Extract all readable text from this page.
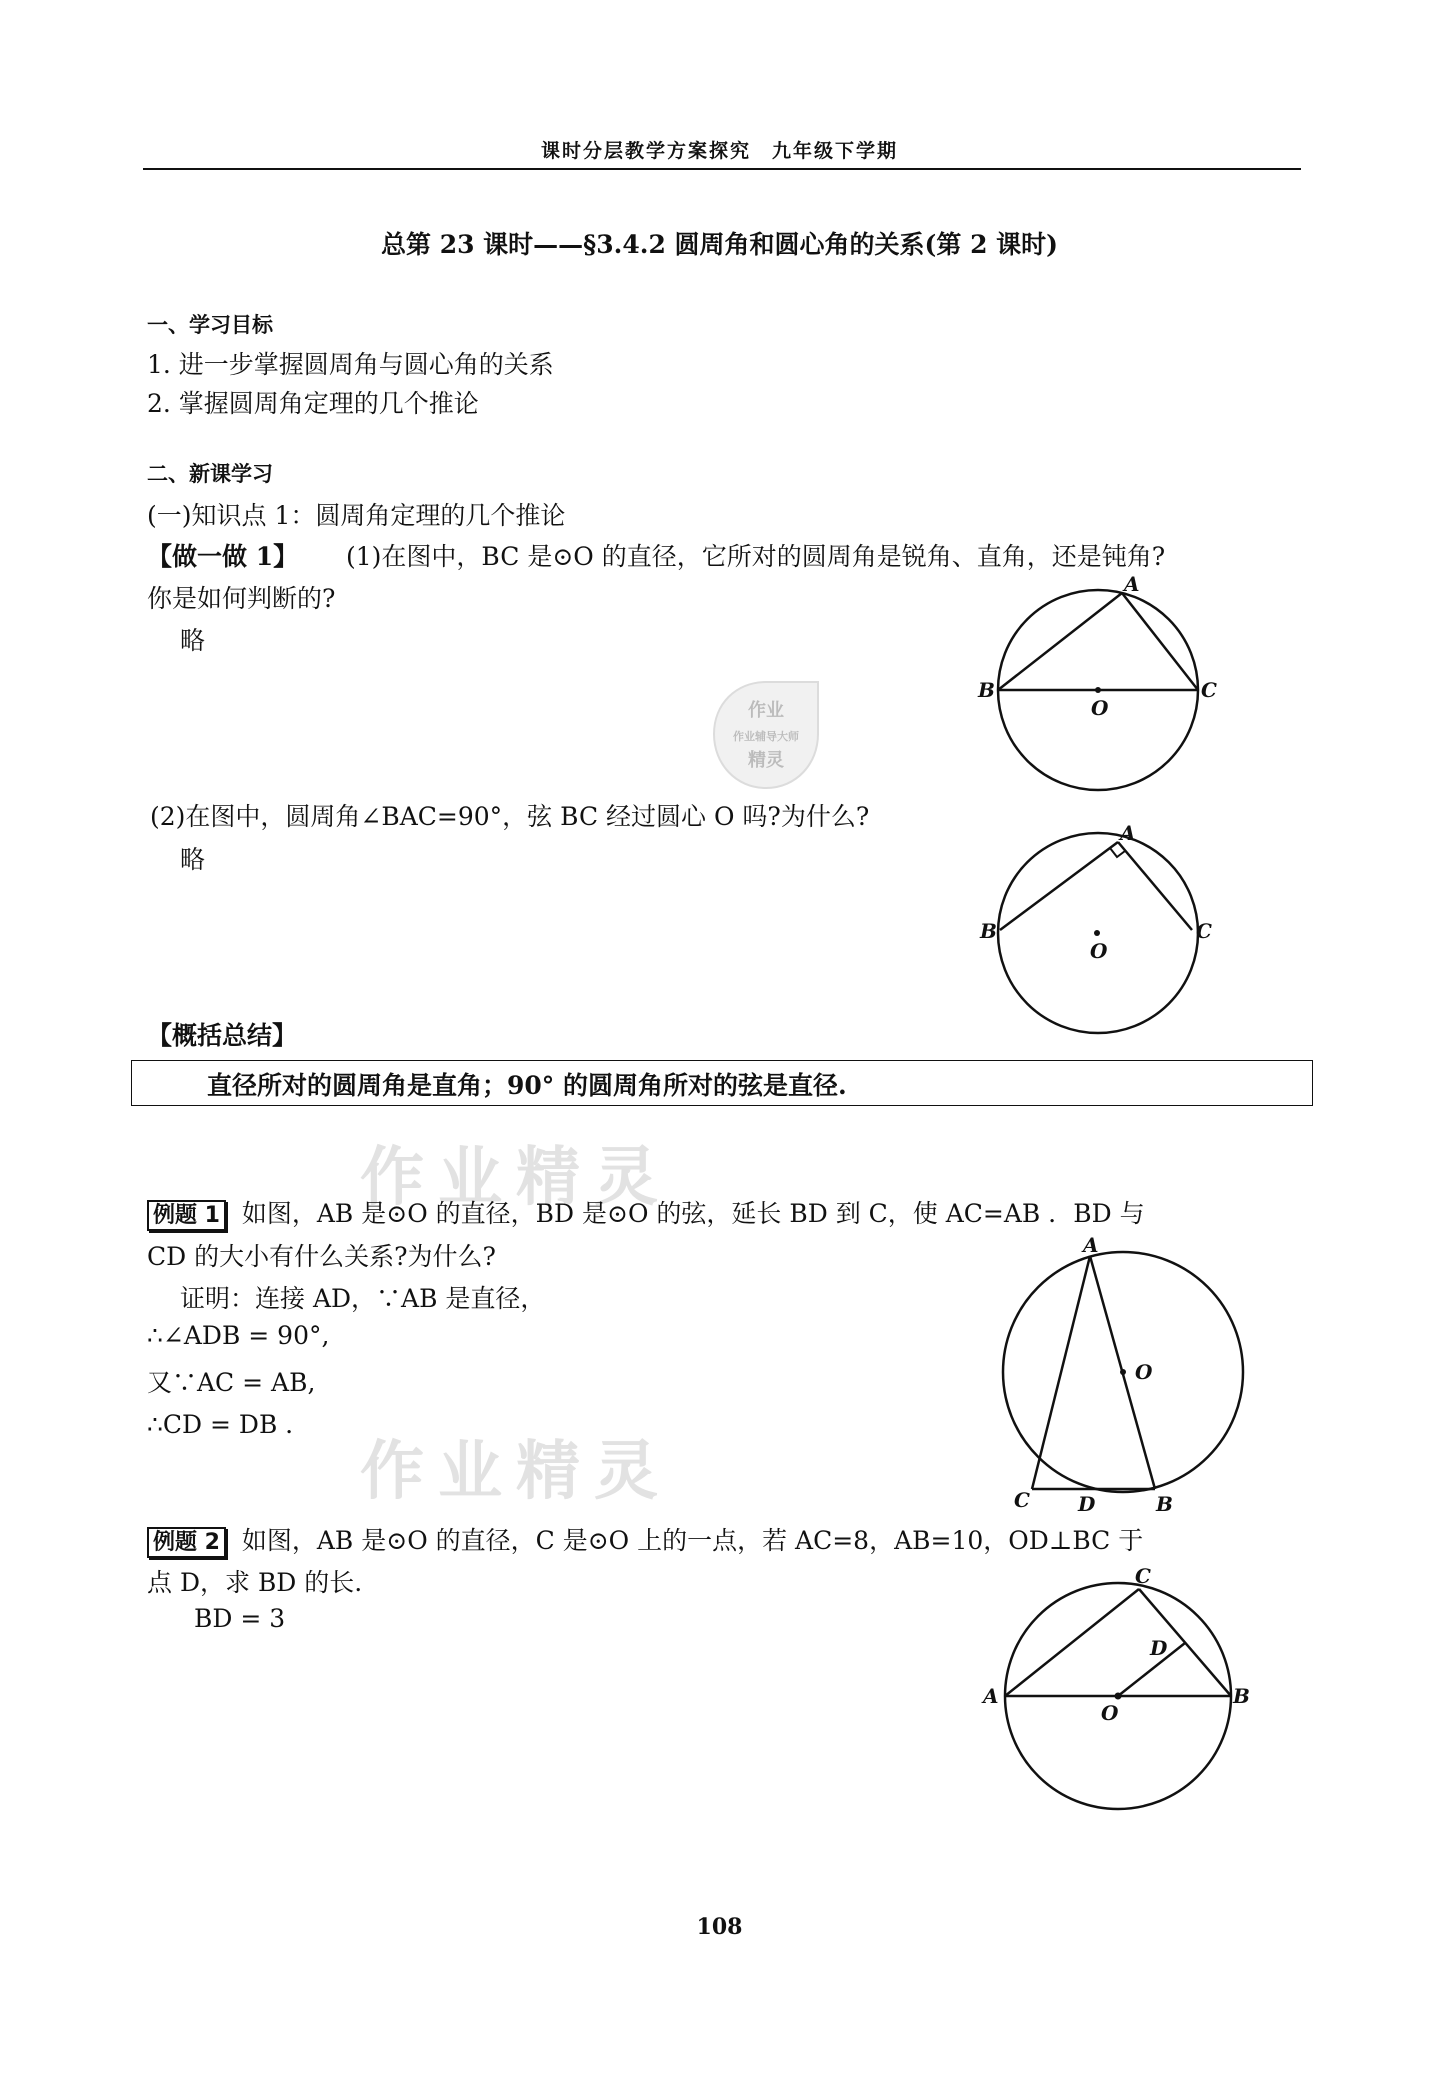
课时分层教学方案探究　九年级下学期
总第 23 课时——§3.4.2 圆周角和圆心角的关系(第 2 课时)
一、学习目标
1. 进一步掌握圆周角与圆心角的关系
2. 掌握圆周角定理的几个推论
二、新课学习
(一)知识点 1：圆周角定理的几个推论
【做一做 1】 (1)在图中，BC 是⊙O 的直径，它所对的圆周角是锐角、直角，还是钝角?
你是如何判断的?
略
(2)在图中，圆周角∠BAC=90°，弦 BC 经过圆心 O 吗?为什么?
略
【概括总结】
直径所对的圆周角是直角；90° 的圆周角所对的弦是直径.
作业精灵
作业精灵
作业
作业辅导大师
精灵
例题 1 如图，AB 是⊙O 的直径，BD 是⊙O 的弦，延长 BD 到 C，使 AC=AB ．BD 与
CD 的大小有什么关系?为什么?
证明：连接 AD，∵AB 是直径，
∴∠ADB = 90°,
又∵AC = AB,
∴CD = DB ．
例题 2 如图，AB 是⊙O 的直径，C 是⊙O 上的一点，若 AC=8，AB=10，OD⊥BC 于
点 D，求 BD 的长.
BD = 3
A
B	C
O
A
B	C
O
A
O
C D	B
C
D
A
O
B
108
